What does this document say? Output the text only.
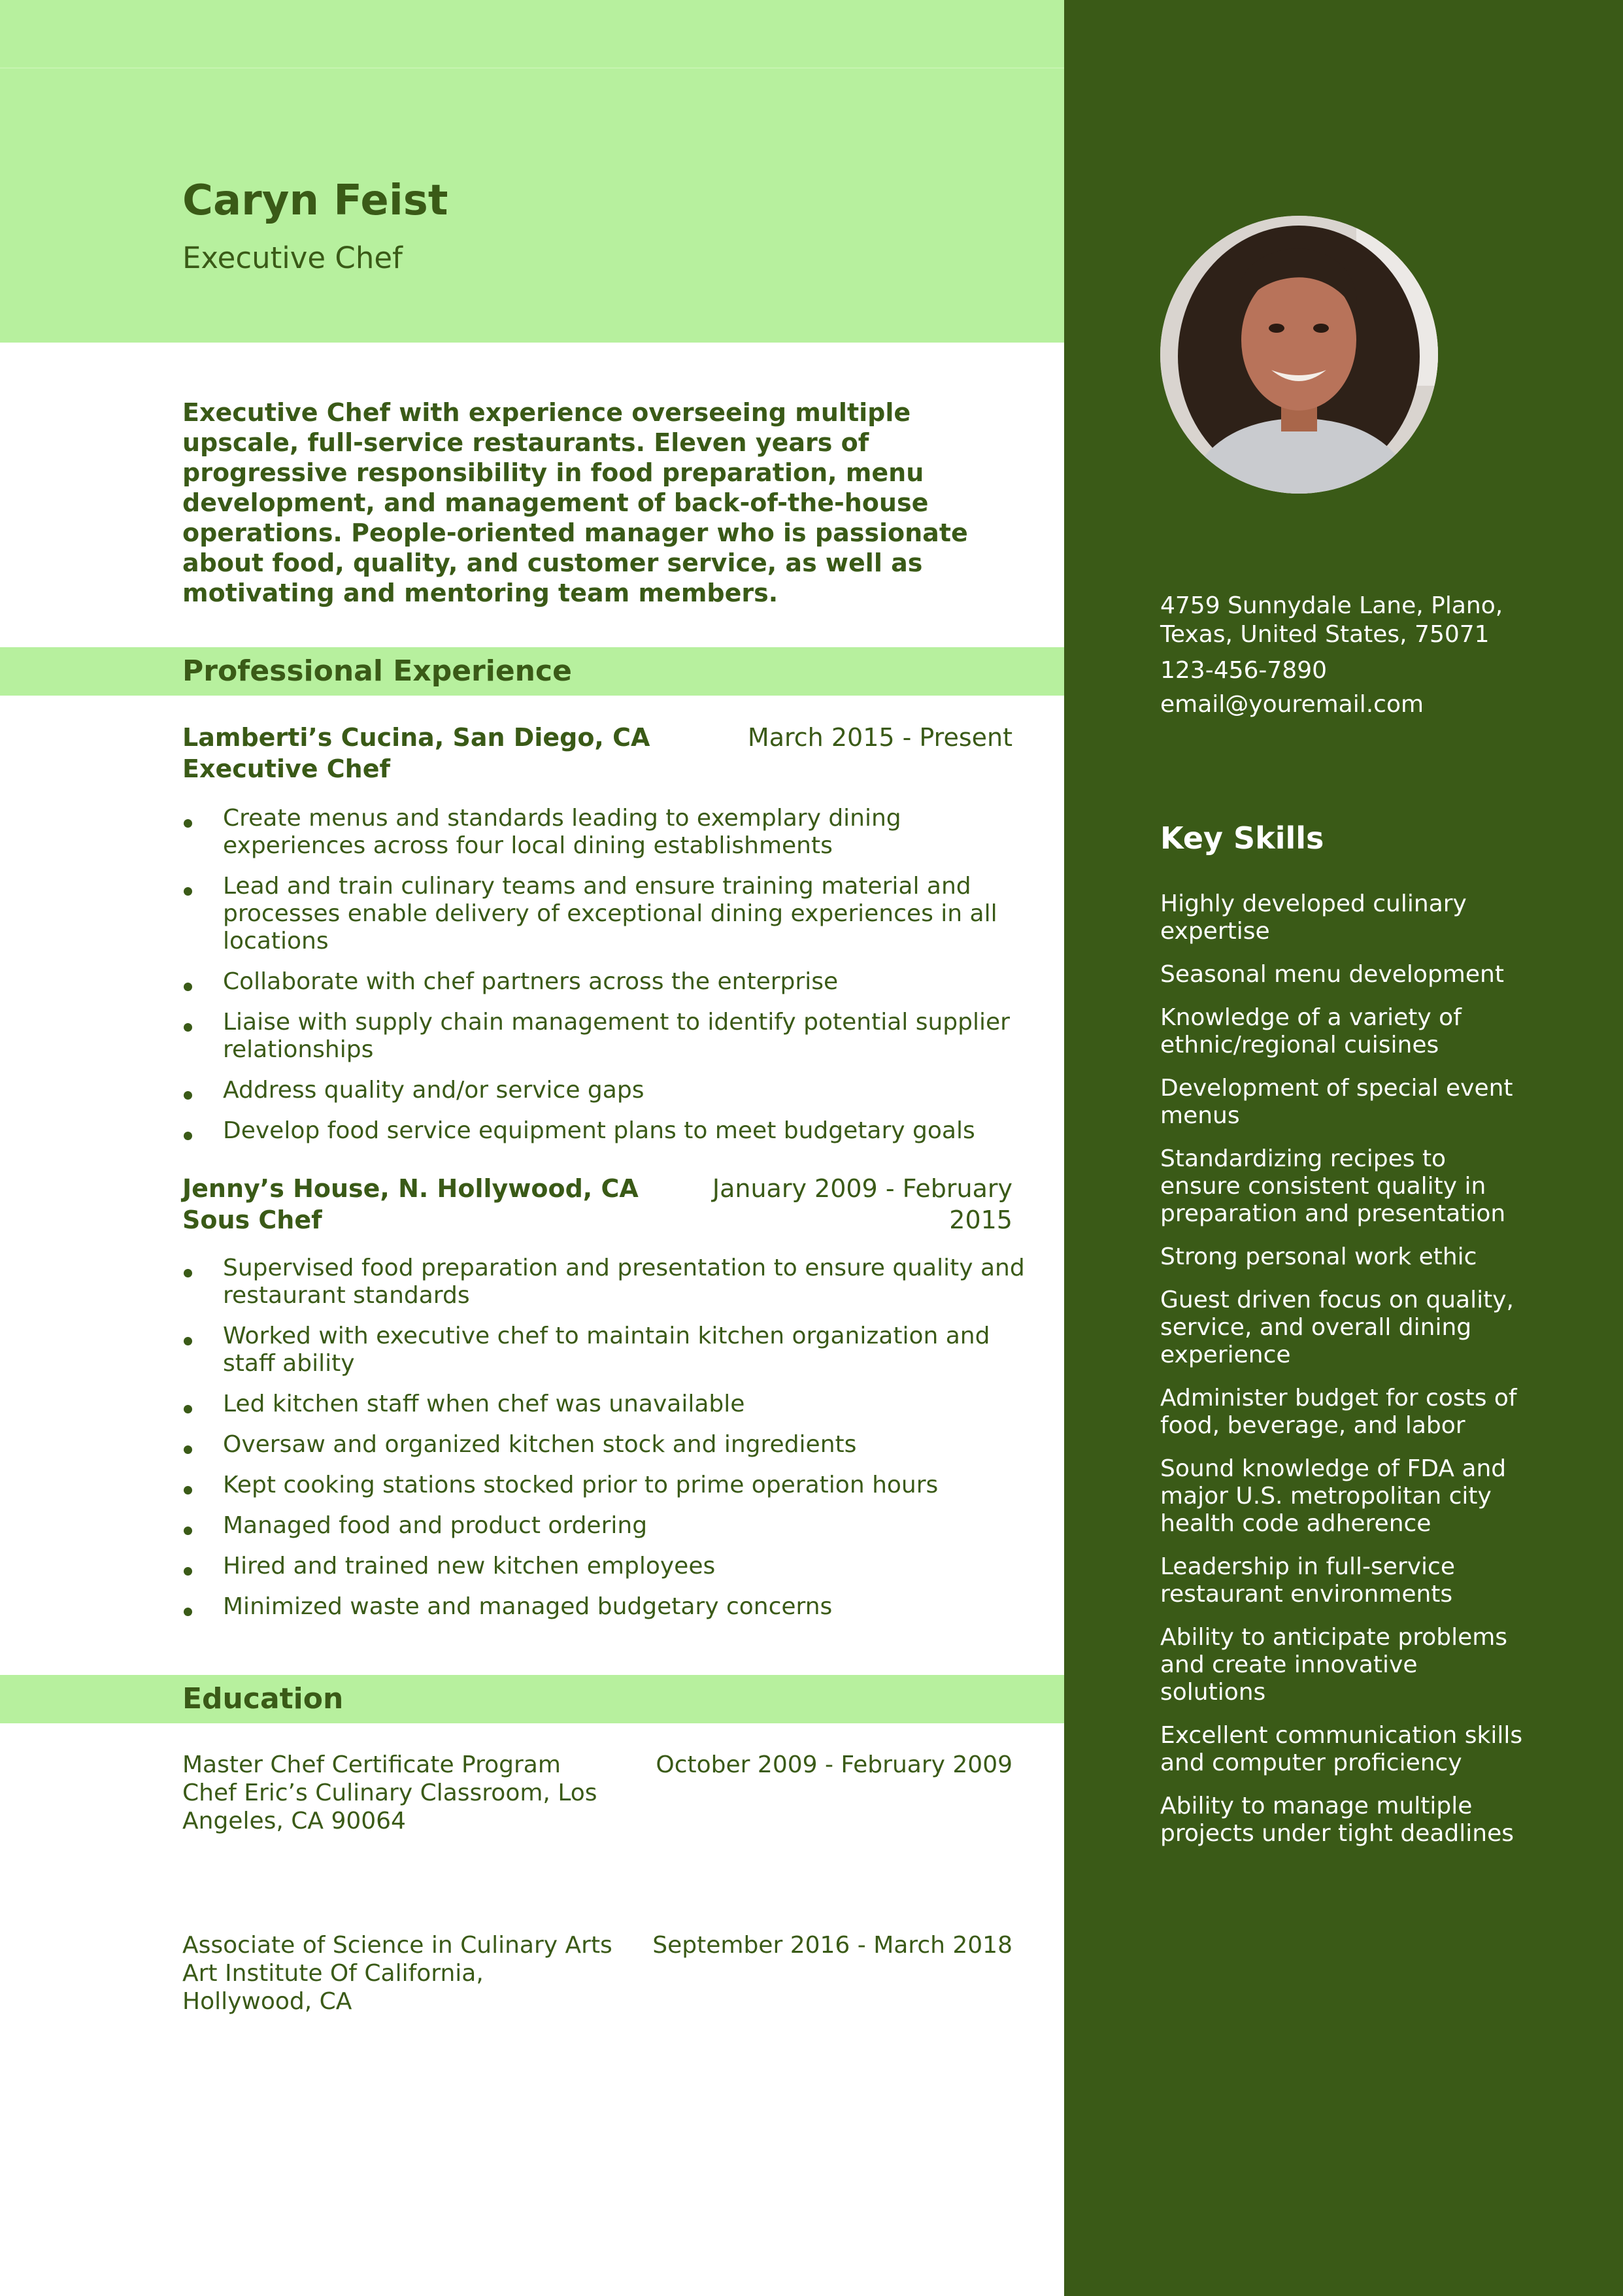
Caryn Feist
Executive Chef
Executive Chef with experience overseeing multiple upscale, full-service restaurants. Eleven years of progressive responsibility in food preparation, menu development, and management of back-of-the-house operations. People-oriented manager who is passionate about food, quality, and customer service, as well as motivating and mentoring team members.
Professional Experience
Lamberti’s Cucina, San Diego, CA
Executive Chef
March 2015 - Present
Create menus and standards leading to exemplary dining experiences across four local dining establishments
Lead and train culinary teams and ensure training material and processes enable delivery of exceptional dining experiences in all locations
Collaborate with chef partners across the enterprise
Liaise with supply chain management to identify potential supplier relationships
Address quality and/or service gaps
Develop food service equipment plans to meet budgetary goals
Jenny’s House, N. Hollywood, CA
Sous Chef
January 2009 - February 2015
Supervised food preparation and presentation to ensure quality and restaurant standards
Worked with executive chef to maintain kitchen organization and staff ability
Led kitchen staff when chef was unavailable
Oversaw and organized kitchen stock and ingredients
Kept cooking stations stocked prior to prime operation hours
Managed food and product ordering
Hired and trained new kitchen employees
Minimized waste and managed budgetary concerns
Education
Master Chef Certificate Program
Chef Eric’s Culinary Classroom, Los Angeles, CA 90064
October 2009 - February 2009
Associate of Science in Culinary Arts
Art Institute Of California, Hollywood, CA
September 2016 - March 2018
4759 Sunnydale Lane, Plano, Texas, United States, 75071
123-456-7890
email@youremail.com
Key Skills
Highly developed culinary expertise
Seasonal menu development
Knowledge of a variety of ethnic/regional cuisines
Development of special event menus
Standardizing recipes to ensure consistent quality in preparation and presentation
Strong personal work ethic
Guest driven focus on quality, service, and overall dining experience
Administer budget for costs of food, beverage, and labor
Sound knowledge of FDA and major U.S. metropolitan city health code adherence
Leadership in full-service restaurant environments
Ability to anticipate problems and create innovative solutions
Excellent communication skills and computer proficiency
Ability to manage multiple projects under tight deadlines
